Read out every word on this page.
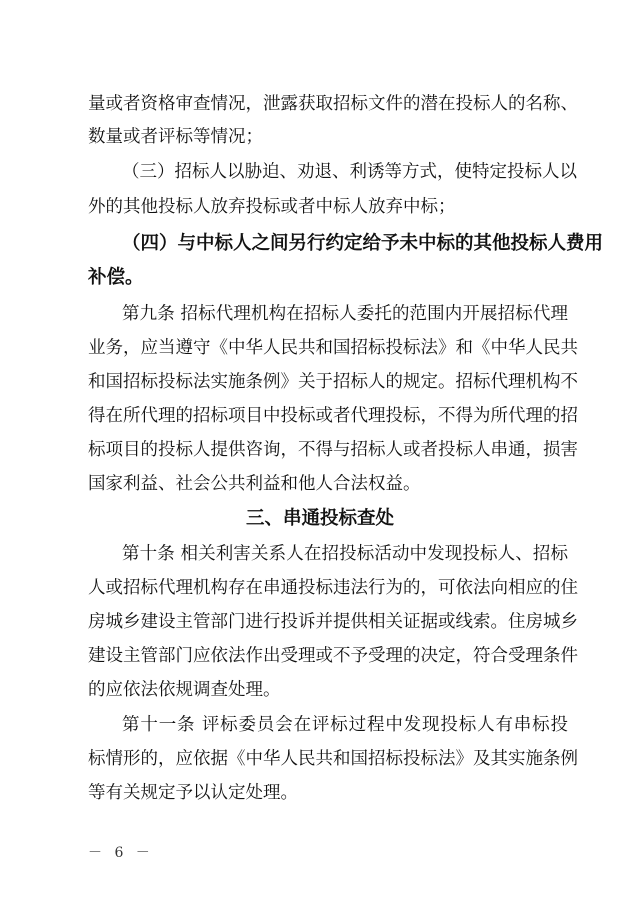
量或者资格审查情况，泄露获取招标文件的潜在投标人的名称、
数量或者评标等情况；
（三）招标人以胁迫、劝退、利诱等方式，使特定投标人以
外的其他投标人放弃投标或者中标人放弃中标；
（四）与中标人之间另行约定给予未中标的其他投标人费用
补偿。
第九条 招标代理机构在招标人委托的范围内开展招标代理
业务，应当遵守《中华人民共和国招标投标法》和《中华人民共
和国招标投标法实施条例》关于招标人的规定。招标代理机构不
得在所代理的招标项目中投标或者代理投标，不得为所代理的招
标项目的投标人提供咨询，不得与招标人或者投标人串通，损害
国家利益、社会公共利益和他人合法权益。
三、串通投标查处
第十条 相关利害关系人在招投标活动中发现投标人、招标
人或招标代理机构存在串通投标违法行为的，可依法向相应的住
房城乡建设主管部门进行投诉并提供相关证据或线索。住房城乡
建设主管部门应依法作出受理或不予受理的决定，符合受理条件
的应依法依规调查处理。
第十一条 评标委员会在评标过程中发现投标人有串标投
标情形的，应依据《中华人民共和国招标投标法》及其实施条例
等有关规定予以认定处理。
－ 6 －
